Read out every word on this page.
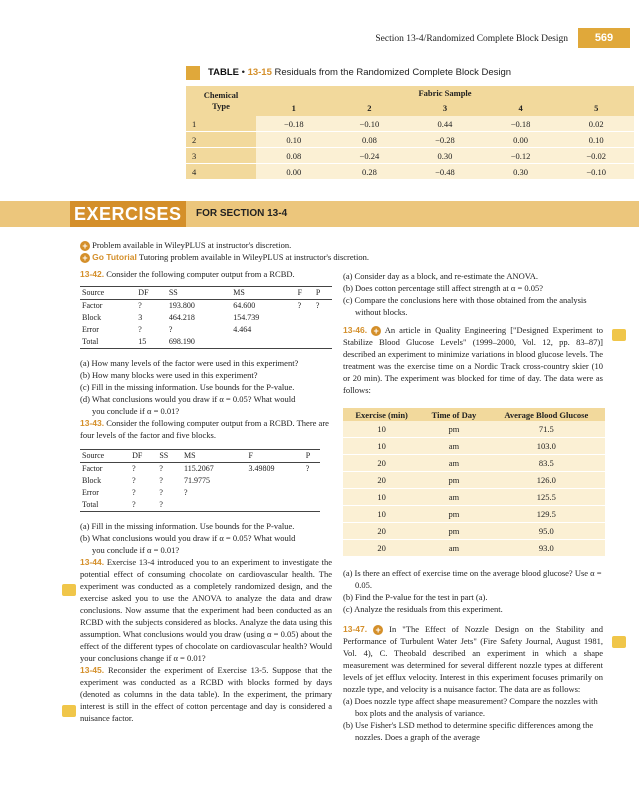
Section 13-4/Randomized Complete Block Design	569
TABLE • 13-15 Residuals from the Randomized Complete Block Design
Chemical
Type	Fabric Sample				
	1	2	3	4	5
1	−0.18	−0.10	0.44	−0.18	0.02
2	0.10	0.08	−0.28	0.00	0.10
3	0.08	−0.24	0.30	−0.12	−0.02
4	0.00	0.28	−0.48	0.30	−0.10
EXERCISES	FOR SECTION 13-4
+ Problem available in WileyPLUS at instructor's discretion.
+ Go Tutorial Tutoring problem available in WileyPLUS at instructor's discretion.

13-42. Consider the following computer output from a RCBD.

Source	DF	SS	MS	F	P
Factor	?	193.800	64.600	?	?
Block	3	464.218	154.739		
Error	?	?	4.464		
Total	15	698.190			

(a) How many levels of the factor were used in this experiment?

(b) How many blocks were used in this experiment?

(c) Fill in the missing information. Use bounds for the P-value.

(d) What conclusions would you draw if α = 0.05? What would

you conclude if α = 0.01?

13-43. Consider the following computer output from a RCBD. There are four levels of the factor and five blocks.

Source	DF	SS	MS	F	P
Factor	?	?	115.2067	3.49809	?
Block	?	?	71.9775		
Error	?	?	?		
Total	?	?			

(a) Fill in the missing information. Use bounds for the P-value.

(b) What conclusions would you draw if α = 0.05? What would

you conclude if α = 0.01?

13-44. Exercise 13-4 introduced you to an experiment to investigate the potential effect of consuming chocolate on cardiovascular health. The experiment was conducted as a completely randomized design, and the exercise asked you to use the ANOVA to analyze the data and draw conclusions. Now assume that the experiment had been conducted as an RCBD with the subjects considered as blocks. Analyze the data using this assumption. What conclusions would you draw (using α = 0.05) about the effect of the different types of chocolate on cardiovascular health? Would your conclusions change if α = 0.01?

13-45. Reconsider the experiment of Exercise 13-5. Suppose that the experiment was conducted as a RCBD with blocks formed by days (denoted as columns in the data table). In the experiment, the primary interest is still in the effect of cotton percentage and day is considered a nuisance factor.

(a) Consider day as a block, and re-estimate the ANOVA.

(b) Does cotton percentage still affect strength at α = 0.05?

(c) Compare the conclusions here with those obtained from the analysis without blocks.

13-46. + An article in Quality Engineering ["Designed Experiment to Stabilize Blood Glucose Levels" (1999–2000, Vol. 12, pp. 83–87)] described an experiment to minimize variations in blood glucose levels. The treatment was the exercise time on a Nordic Track cross-country skier (10 or 20 min). The experiment was blocked for time of day. The data were as follows:

Exercise (min)	Time of Day	Average Blood Glucose
10	pm	71.5
10	am	103.0
20	am	83.5
20	pm	126.0
10	am	125.5
10	pm	129.5
20	pm	95.0
20	am	93.0

(a) Is there an effect of exercise time on the average blood glucose? Use α = 0.05.

(b) Find the P-value for the test in part (a).

(c) Analyze the residuals from this experiment.

13-47. + In "The Effect of Nozzle Design on the Stability and Performance of Turbulent Water Jets" (Fire Safety Journal, August 1981, Vol. 4), C. Theobald described an experiment in which a shape measurement was determined for several different nozzle types at different levels of jet efflux velocity. Interest in this experiment focuses primarily on nozzle type, and velocity is a nuisance factor. The data are as follows:

(a) Does nozzle type affect shape measurement? Compare the nozzles with box plots and the analysis of variance.

(b) Use Fisher's LSD method to determine specific differences among the nozzles. Does a graph of the average
